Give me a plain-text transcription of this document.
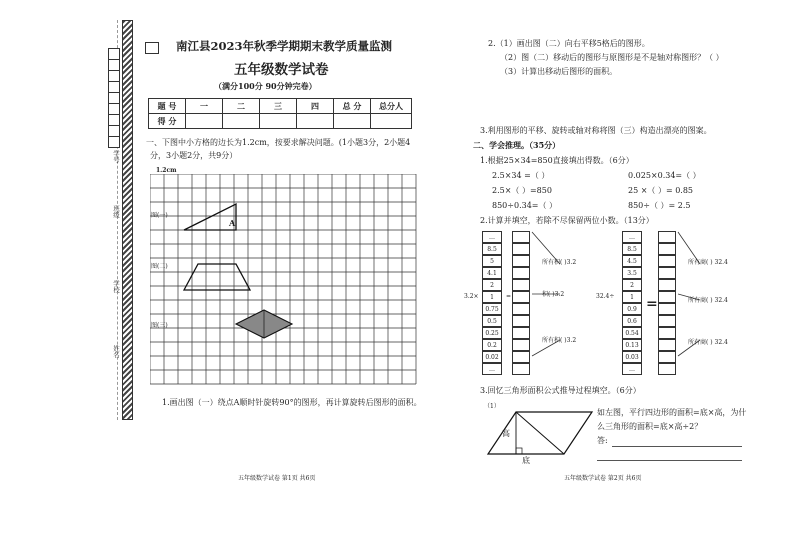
学号
班级
学校
姓名
南江县2023年秋季学期期末教学质量监测
五年级数学试卷
（满分100分 90分钟完卷）
题 号	一	二	三	四	总 分	总分人
得 分						
一、下图中小方格的边长为1.2cm，按要求解决问题。(1小题3分，2小题4
分，3小题2分，共9分）
1.2cm
图(一)
图(二)
图(三)
A
1.画出图（一）绕点A顺时针旋转90°的图形，再计算旋转后图形的面积。
五年级数学试卷 第1页 共6页
2.（1）画出图（二）向右平移5格后的图形。
（2）图（二）移动后的图形与原图形是不是轴对称图形？（ ）
（3）计算出移动后图形的面积。
3.利用图形的平移、旋转或轴对称将图（三）构造出漂亮的图案。
二、学会推理。（35分）
1.根据25×34=850直接填出得数。（6分）
2.5×34 =（ ）	0.025×0.34=（ ）
2.5×（ ）=850	25 ×（ ）= 0.85
850÷0.34=（ ）	850÷（ ）= 2.5
2.计算并填空，若除不尽保留两位小数。（13分）
3.2×
…
8.5
5
4.1
2
1
0.75
0.5
0.25
0.2
0.02
…
=
所有积( )3.2
积( )3.2
所有积( )3.2
32.4÷
…
8.5
4.5
3.5
2
1
0.9
0.6
0.54
0.13
0.03
…
=
所有商( ) 32.4
所有商( ) 32.4
所有商( ) 32.4
3.回忆三角形面积公式推导过程填空。（6分）
（1）
高
底
如左图，平行四边形的面积=底×高，为什
么三角形的面积=底×高÷2？
答:
五年级数学试卷 第2页 共6页
